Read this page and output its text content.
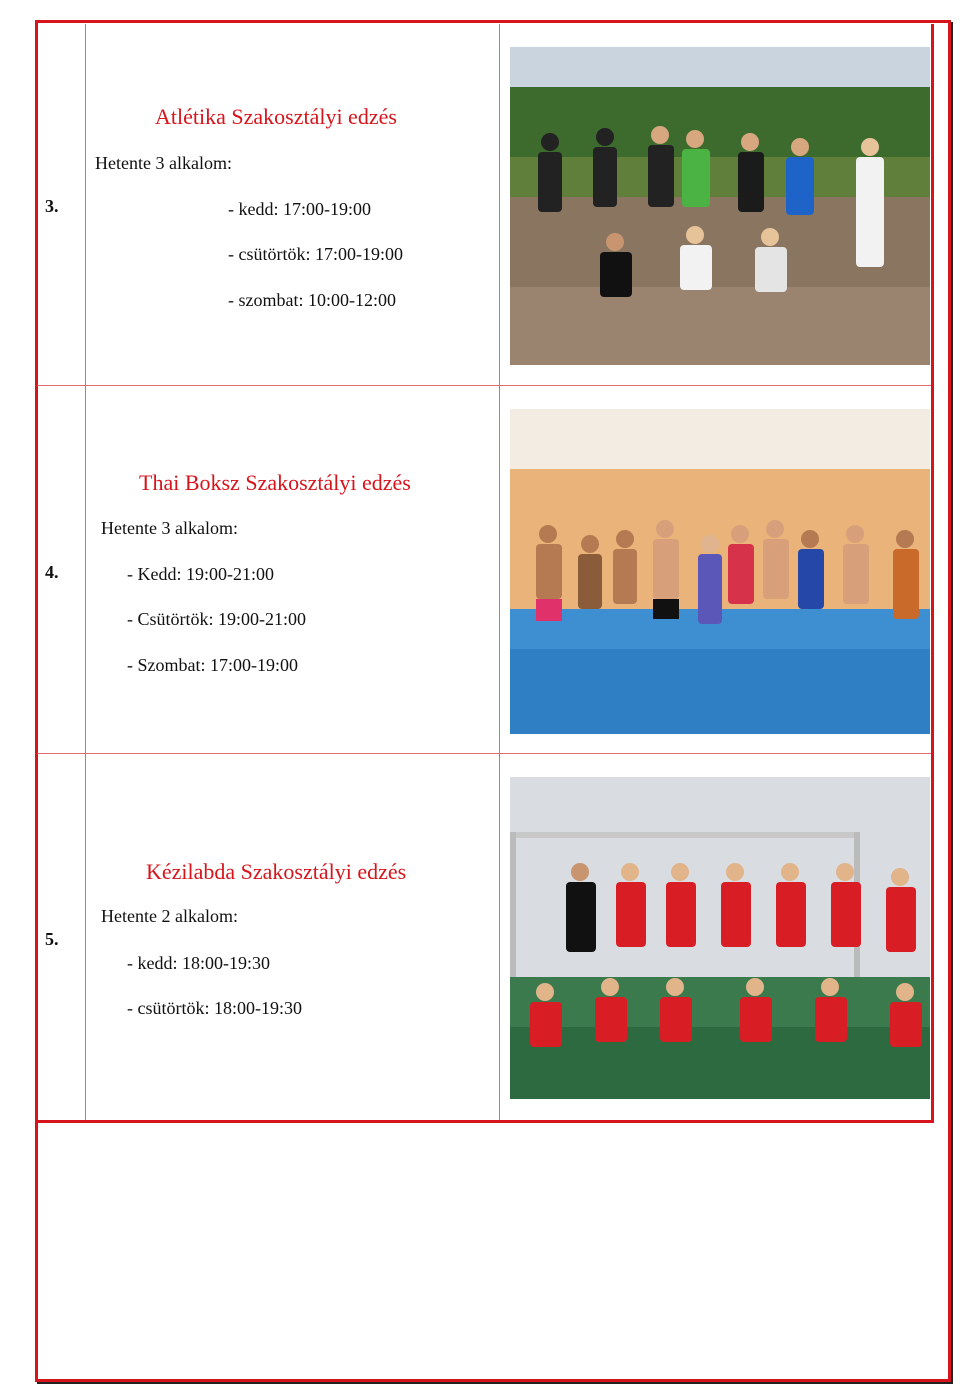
3.
Atlétika Szakosztályi edzés
Hetente 3 alkalom:
- kedd: 17:00-19:00
- csütörtök: 17:00-19:00
- szombat: 10:00-12:00
4.
Thai Boksz Szakosztályi edzés
Hetente 3 alkalom:
- Kedd: 19:00-21:00
- Csütörtök: 19:00-21:00
- Szombat: 17:00-19:00
5.
Kézilabda Szakosztályi edzés
Hetente 2 alkalom:
- kedd: 18:00-19:30
- csütörtök: 18:00-19:30
